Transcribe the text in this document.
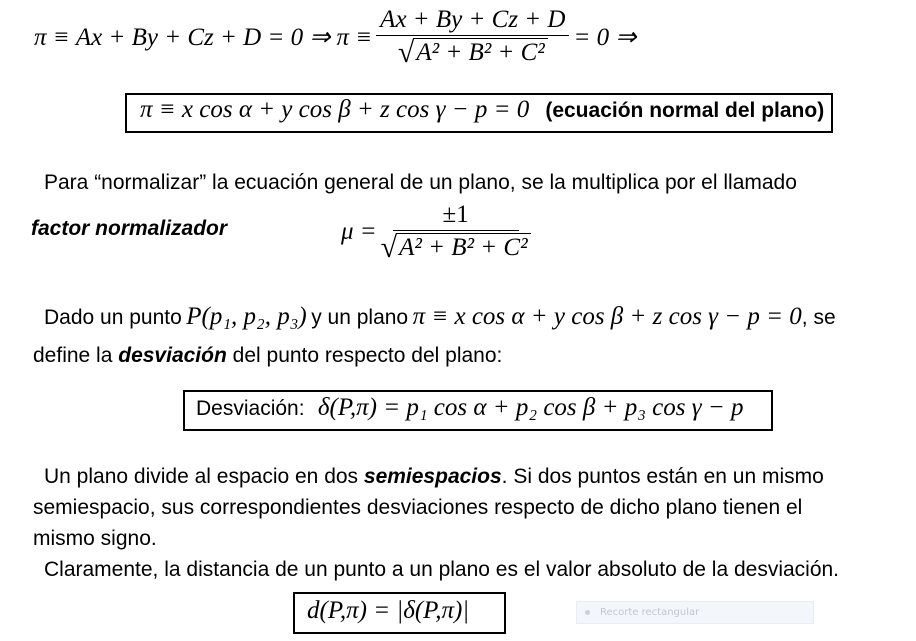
π ≡ Ax + By + Cz + D = 0 ⇒ $\pi \equiv \frac{Ax + By + Cz + D}{\text{√ A² + B² + C²}} = 0$ ⇒
π ≡ x cos α + y cos β + z cos γ − p = 0   (ecuación normal del plano)
Para “normalizar” la ecuación general de un plano, se la multiplica por el llamado
factor normalizador	$\mu = \frac{\pm 1}{\text{√ A² + B² + C²}}$
Dado un punto P(p₁, p₂, p₃) y un plano π ≡ x cos α + y cos β + z cos γ − p = 0, se
define la desviación del punto respecto del plano:
Desviación: δ(P,π) = p₁ cos α + p₂ cos β + p₃ cos γ − p
Un plano divide al espacio en dos semiespacios. Si dos puntos están en un mismo
semiespacio, sus correspondientes desviaciones respecto de dicho plano tienen el
mismo signo.
Claramente, la distancia de un punto a un plano es el valor absoluto de la desviación.
d(P,π) = |δ(P,π)|	Recorte rectangular
